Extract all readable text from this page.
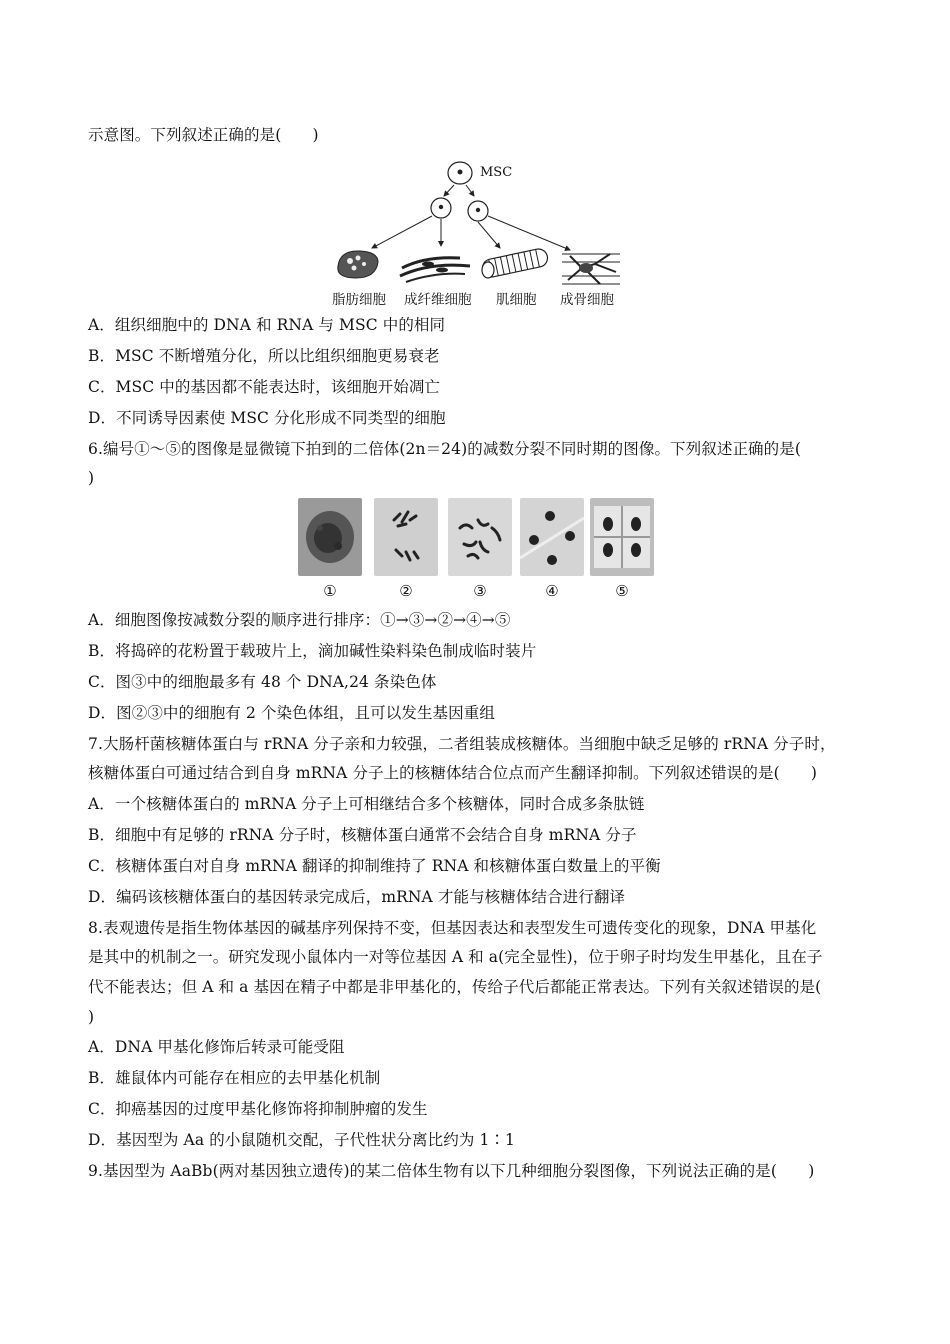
示意图。下列叙述正确的是(　　)
MSC
脂肪细胞 成纤维细胞 肌细胞 成骨细胞
A．组织细胞中的 DNA 和 RNA 与 MSC 中的相同
B．MSC 不断增殖分化，所以比组织细胞更易衰老
C．MSC 中的基因都不能表达时，该细胞开始凋亡
D．不同诱导因素使 MSC 分化形成不同类型的细胞
6.编号①～⑤的图像是显微镜下拍到的二倍体(2n＝24)的减数分裂不同时期的图像。下列叙述正确的是(
)
①	②	③	④	⑤
A．细胞图像按减数分裂的顺序进行排序：①→③→②→④→⑤
B．将捣碎的花粉置于载玻片上，滴加碱性染料染色制成临时装片
C．图③中的细胞最多有 48 个 DNA,24 条染色体
D．图②③中的细胞有 2 个染色体组，且可以发生基因重组
7.大肠杆菌核糖体蛋白与 rRNA 分子亲和力较强，二者组装成核糖体。当细胞中缺乏足够的 rRNA 分子时，
核糖体蛋白可通过结合到自身 mRNA 分子上的核糖体结合位点而产生翻译抑制。下列叙述错误的是(　　)
A．一个核糖体蛋白的 mRNA 分子上可相继结合多个核糖体，同时合成多条肽链
B．细胞中有足够的 rRNA 分子时，核糖体蛋白通常不会结合自身 mRNA 分子
C．核糖体蛋白对自身 mRNA 翻译的抑制维持了 RNA 和核糖体蛋白数量上的平衡
D．编码该核糖体蛋白的基因转录完成后，mRNA 才能与核糖体结合进行翻译
8.表观遗传是指生物体基因的碱基序列保持不变，但基因表达和表型发生可遗传变化的现象，DNA 甲基化
是其中的机制之一。研究发现小鼠体内一对等位基因 A 和 a(完全显性)，位于卵子时均发生甲基化，且在子
代不能表达；但 A 和 a 基因在精子中都是非甲基化的，传给子代后都能正常表达。下列有关叙述错误的是(
)
A．DNA 甲基化修饰后转录可能受阻
B．雄鼠体内可能存在相应的去甲基化机制
C．抑癌基因的过度甲基化修饰将抑制肿瘤的发生
D．基因型为 Aa 的小鼠随机交配，子代性状分离比约为 1∶1
9.基因型为 AaBb(两对基因独立遗传)的某二倍体生物有以下几种细胞分裂图像，下列说法正确的是(　　)
